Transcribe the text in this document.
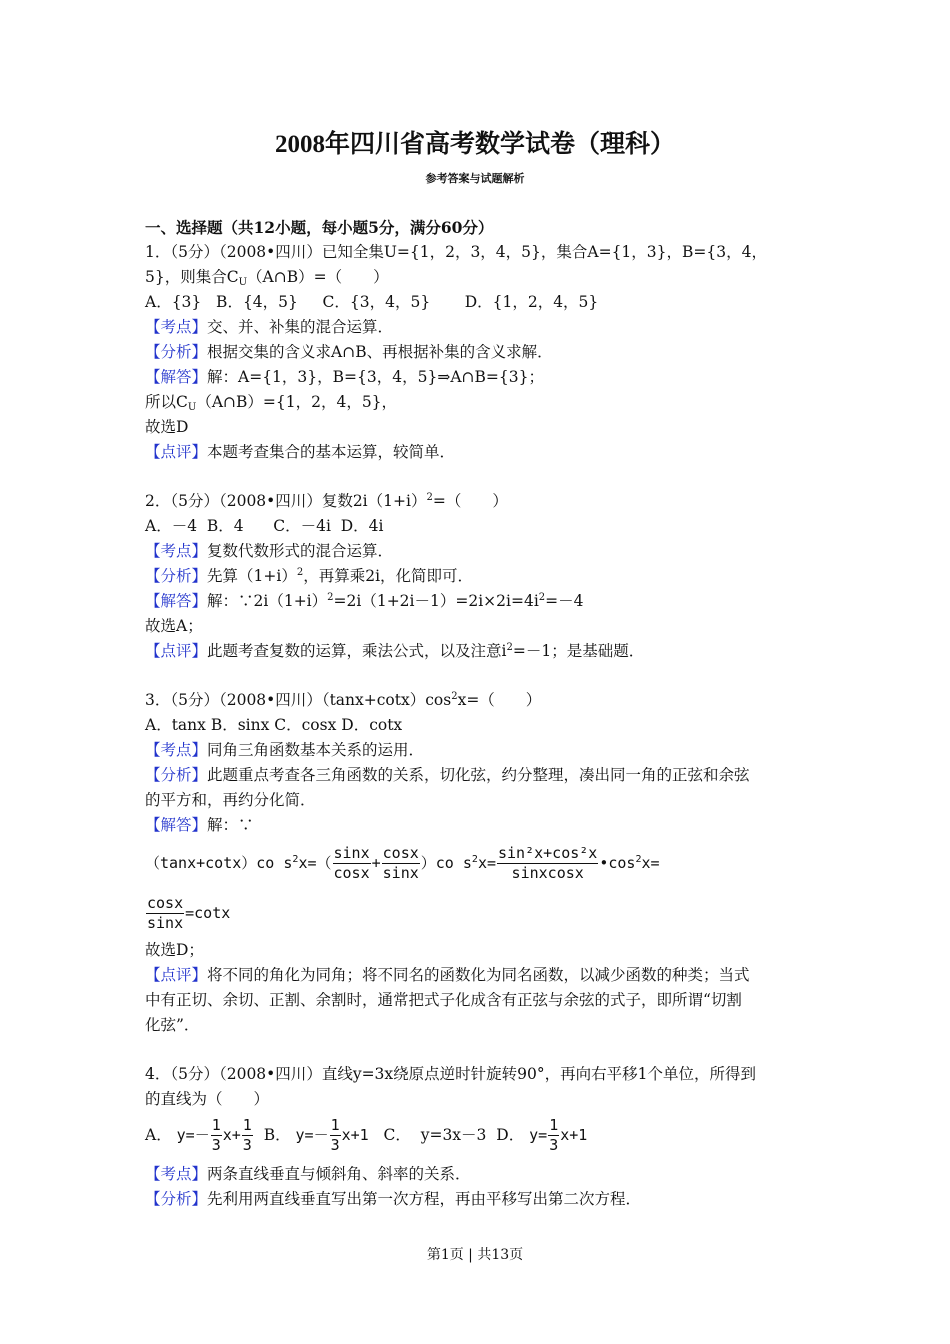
2008年四川省高考数学试卷（理科）
参考答案与试题解析
一、选择题（共12小题，每小题5分，满分60分）
1．（5分）（2008•四川）已知全集U={1，2，3，4，5}，集合A={1，3}，B={3，4，
5}，则集合$C_U(A\cap B)=$（　　）
A．{3}   B．{4，5}     C．{3，4，5}       D．{1，2，4，5}
【考点】交、并、补集的混合运算．
【分析】根据交集的含义求A∩B、再根据补集的含义求解．
【解答】解：A={1，3}，B={3，4，5}⇒A∩B={3}；
所以$C_U(A\cap B)=\{1$，2，4，5}，
故选D
【点评】本题考查集合的基本运算，较简单．
2．（5分）（2008•四川）复数$2i(1+i)^2=$（　　）
A．－4  B．4      C．－4i  D．4i
【考点】复数代数形式的混合运算．
【分析】先算$(1+i)^2$，再算乘2i，化简即可．
【解答】解：$\because 2i(1+i)^2=2i(1+2i-1)=2i\times 2i=4i^2=-4$
故选A；
【点评】此题考查复数的运算，乘法公式，以及注意$i^2=-1$；是基础题．
3．（5分）（2008•四川）$(\tan x+\cot x)\cos^2x=$（　　）
A．tanx B．sinx C．cosx D．cotx
【考点】同角三角函数基本关系的运用．
【分析】此题重点考查各三角函数的关系，切化弦，约分整理，凑出同一角的正弦和余弦
的平方和，再约分化简．
【解答】解：∵
（tanx+cotx）co $s^2x=( \frac{\sin x}{\cos x} + \frac{\cos x}{\sin x} )co$ $s^2x= \frac{\text{sin²x+cos²x}}{\text{sinxcosx}}$ $•\cos^2x=$
$\frac{\cos x}{\sin x} =\cot x$
故选D；
【点评】将不同的角化为同角；将不同名的函数化为同名函数，以减少函数的种类；当式
中有正切、余切、正割、余割时，通常把式子化成含有正弦与余弦的式子，即所谓“切割
化弦”．
4．（5分）（2008•四川）直线y=3x绕原点逆时针旋转90°，再向右平移1个单位，所得到
的直线为（　　）
A． $y=- \frac{1}{3} x+ \frac{1}{3}$ B． $y=- \frac{1}{3} x+1$ C．  y=3x－3 D． $y= \frac{1}{3} x+1$
【考点】两条直线垂直与倾斜角、斜率的关系．
【分析】先利用两直线垂直写出第一次方程，再由平移写出第二次方程．
第1页 | 共13页
